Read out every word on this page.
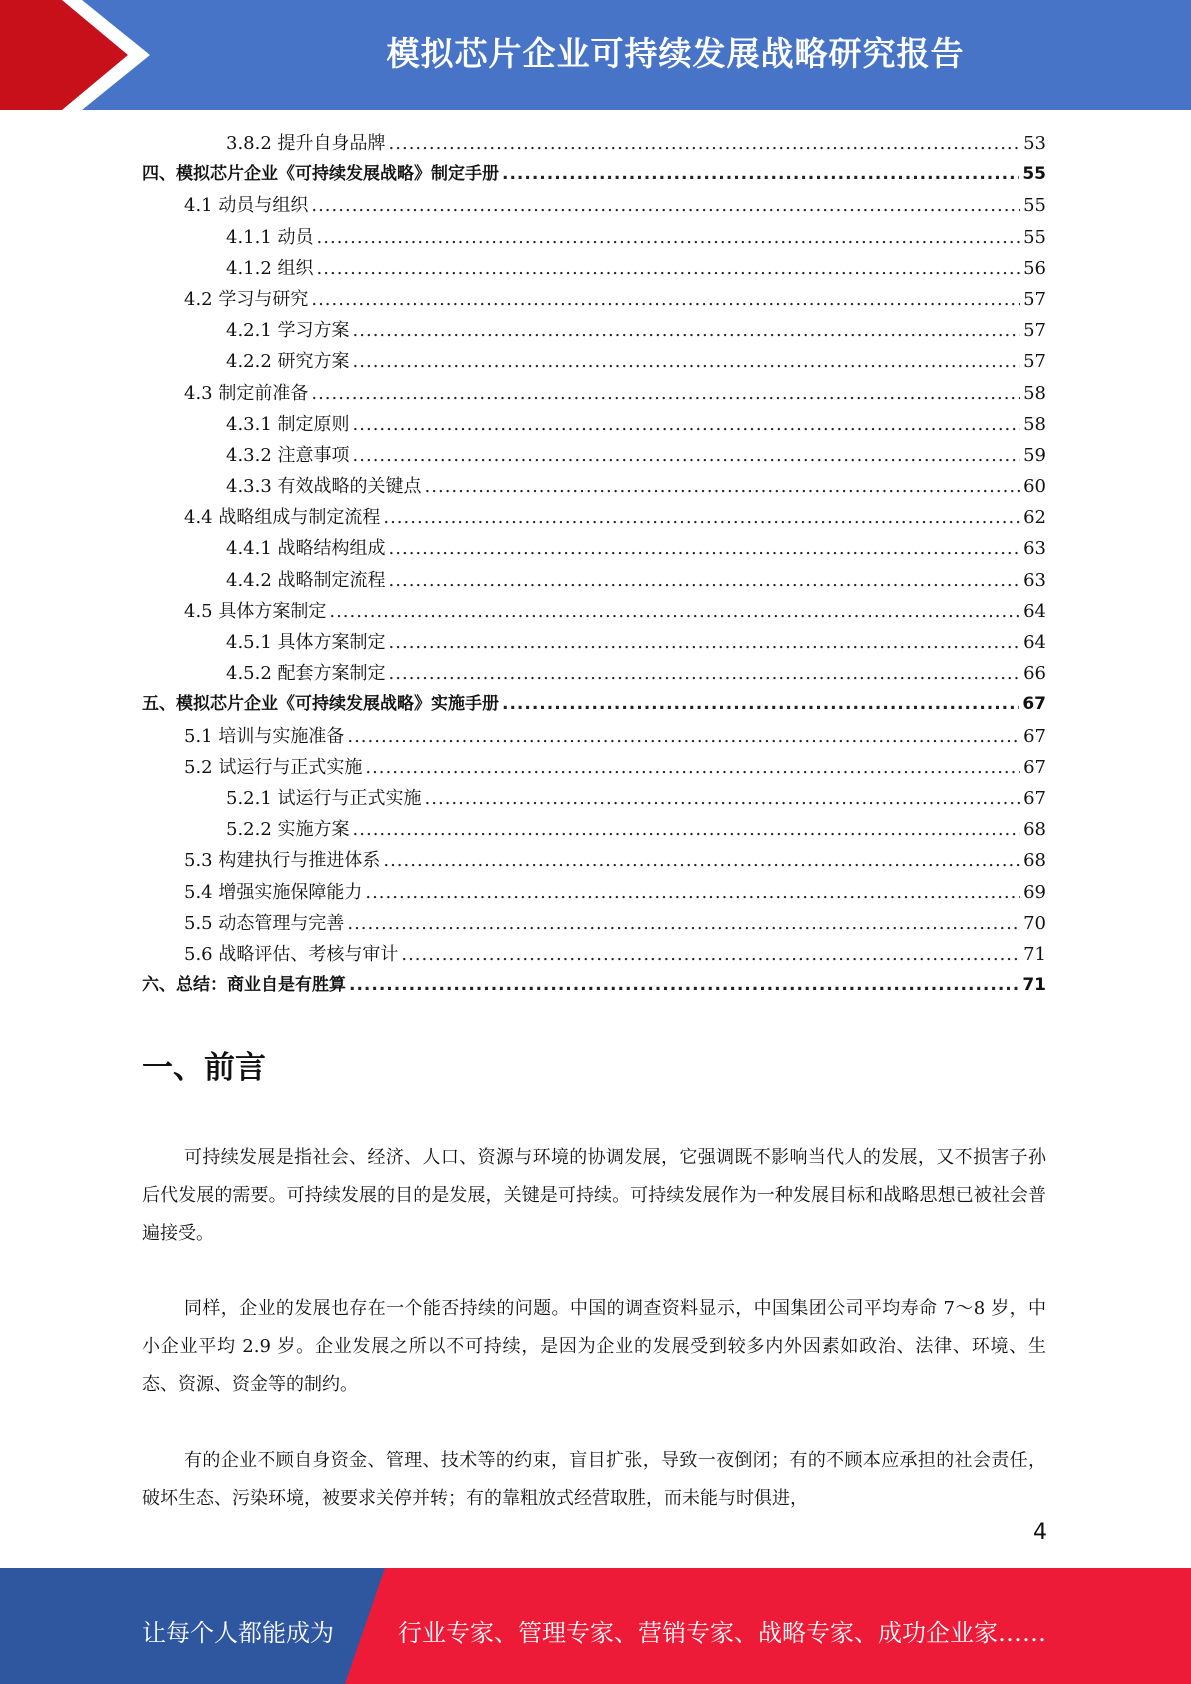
模拟芯片企业可持续发展战略研究报告
3.8.2 提升自身品牌 .....	53
四、模拟芯片企业《可持续发展战略》制定手册 .....	55
4.1 动员与组织 .....	55
4.1.1 动员 .....	55
4.1.2 组织 .....	56
4.2 学习与研究 .....	57
4.2.1 学习方案 .....	57
4.2.2 研究方案 .....	57
4.3 制定前准备 .....	58
4.3.1 制定原则 .....	58
4.3.2 注意事项 .....	59
4.3.3 有效战略的关键点 .....	60
4.4 战略组成与制定流程 .....	62
4.4.1 战略结构组成 .....	63
4.4.2 战略制定流程 .....	63
4.5 具体方案制定 .....	64
4.5.1 具体方案制定 .....	64
4.5.2 配套方案制定 .....	66
五、模拟芯片企业《可持续发展战略》实施手册 .....	67
5.1 培训与实施准备 .....	67
5.2 试运行与正式实施 .....	67
5.2.1 试运行与正式实施 .....	67
5.2.2 实施方案 .....	68
5.3 构建执行与推进体系 .....	68
5.4 增强实施保障能力 .....	69
5.5 动态管理与完善 .....	70
5.6 战略评估、考核与审计 .....	71
六、总结：商业自是有胜算 .....	71
一、前言

可持续发展是指社会、经济、人口、资源与环境的协调发展，它强调既不影响当代人的发展，又不损害子孙后代发展的需要。可持续发展的目的是发展，关键是可持续。可持续发展作为一种发展目标和战略思想已被社会普遍接受。

同样，企业的发展也存在一个能否持续的问题。中国的调查资料显示，中国集团公司平均寿命 7～8 岁，中小企业平均 2.9 岁。企业发展之所以不可持续，是因为企业的发展受到较多内外因素如政治、法律、环境、生态、资源、资金等的制约。

有的企业不顾自身资金、管理、技术等的约束，盲目扩张，导致一夜倒闭；有的不顾本应承担的社会责任，破坏生态、污染环境，被要求关停并转；有的靠粗放式经营取胜，而未能与时俱进，

4
让每个人都能成为	行业专家、管理专家、营销专家、战略专家、成功企业家……
